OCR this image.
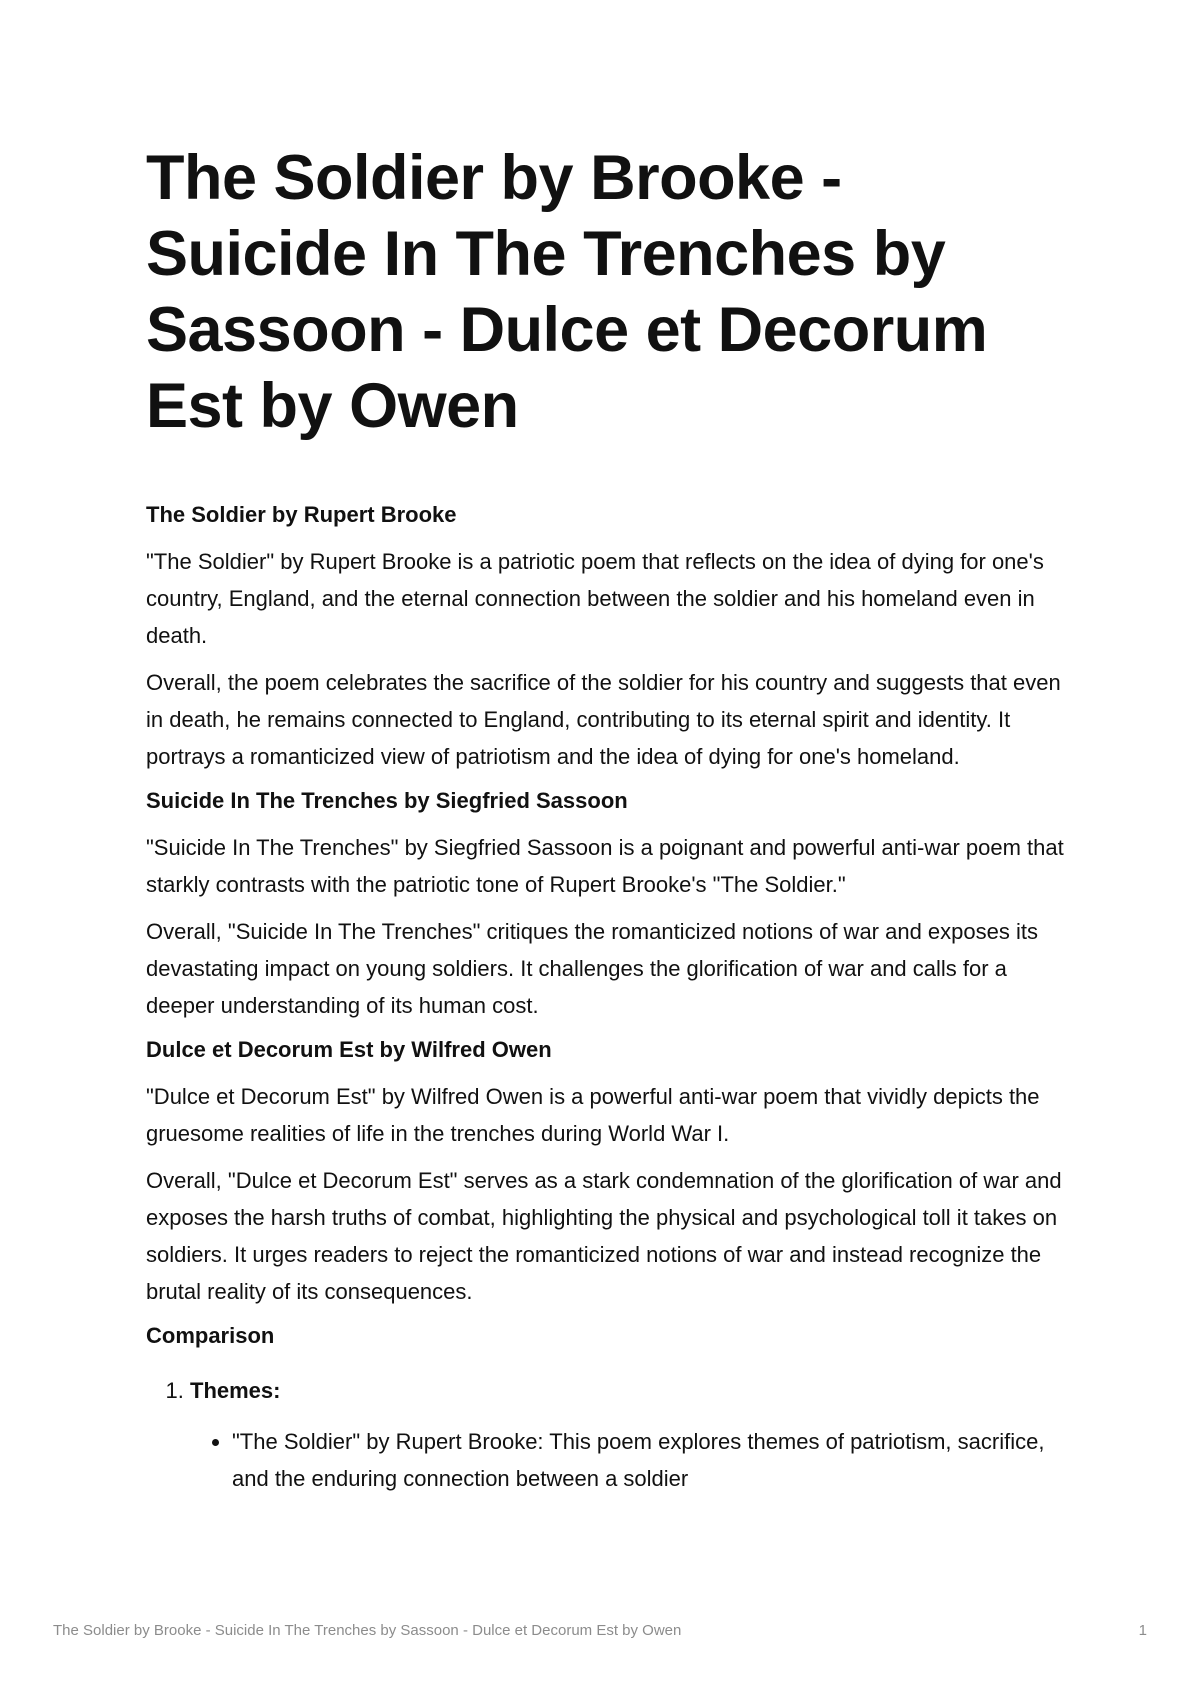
The Soldier by Brooke - Suicide In The Trenches by Sassoon - Dulce et Decorum Est by Owen
The Soldier by Rupert Brooke

"The Soldier" by Rupert Brooke is a patriotic poem that reflects on the idea of dying for one's country, England, and the eternal connection between the soldier and his homeland even in death.

Overall, the poem celebrates the sacrifice of the soldier for his country and suggests that even in death, he remains connected to England, contributing to its eternal spirit and identity. It portrays a romanticized view of patriotism and the idea of dying for one's homeland.

Suicide In The Trenches by Siegfried Sassoon

"Suicide In The Trenches" by Siegfried Sassoon is a poignant and powerful anti-war poem that starkly contrasts with the patriotic tone of Rupert Brooke's "The Soldier."

Overall, "Suicide In The Trenches" critiques the romanticized notions of war and exposes its devastating impact on young soldiers. It challenges the glorification of war and calls for a deeper understanding of its human cost.

Dulce et Decorum Est by Wilfred Owen

"Dulce et Decorum Est" by Wilfred Owen is a powerful anti-war poem that vividly depicts the gruesome realities of life in the trenches during World War I.

Overall, "Dulce et Decorum Est" serves as a stark condemnation of the glorification of war and exposes the harsh truths of combat, highlighting the physical and psychological toll it takes on soldiers. It urges readers to reject the romanticized notions of war and instead recognize the brutal reality of its consequences.

Comparison
1. Themes:
• "The Soldier" by Rupert Brooke: This poem explores themes of patriotism, sacrifice, and the enduring connection between a soldier
The Soldier by Brooke - Suicide In The Trenches by Sassoon - Dulce et Decorum Est by Owen	1
